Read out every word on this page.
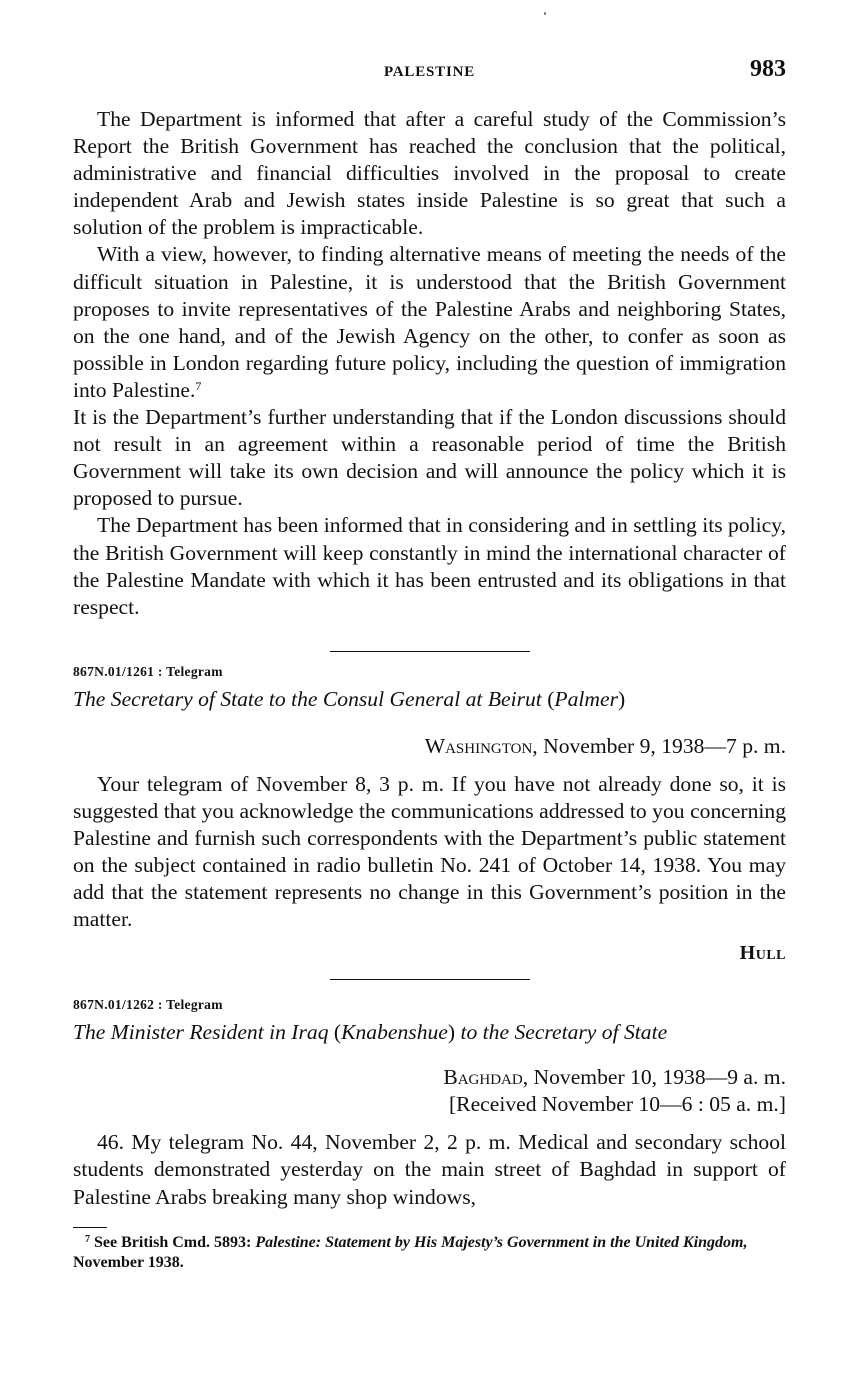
PALESTINE	983

The Department is informed that after a careful study of the Commission’s Report the British Government has reached the conclusion that the political, administrative and financial difficulties involved in the proposal to create independent Arab and Jewish states inside Palestine is so great that such a solution of the problem is impracticable.

With a view, however, to finding alternative means of meeting the needs of the difficult situation in Palestine, it is understood that the British Government proposes to invite representatives of the Palestine Arabs and neighboring States, on the one hand, and of the Jewish Agency on the other, to confer as soon as possible in London regarding future policy, including the question of immigration into Palestine.$^7$

It is the Department’s further understanding that if the London discussions should not result in an agreement within a reasonable period of time the British Government will take its own decision and will announce the policy which it is proposed to pursue.

The Department has been informed that in considering and in settling its policy, the British Government will keep constantly in mind the international character of the Palestine Mandate with which it has been entrusted and its obligations in that respect.

867N.01/1261 : Telegram
The Secretary of State to the Consul General at Beirut (Palmer)
Washington, November 9, 1938—7 p. m.

Your telegram of November 8, 3 p. m. If you have not already done so, it is suggested that you acknowledge the communications addressed to you concerning Palestine and furnish such correspondents with the Department’s public statement on the subject contained in radio bulletin No. 241 of October 14, 1938. You may add that the statement represents no change in this Government’s position in the matter.

Hull
867N.01/1262 : Telegram
The Minister Resident in Iraq (Knabenshue) to the Secretary of State
Baghdad, November 10, 1938—9 a. m.
[Received November 10—6 : 05 a. m.]

46. My telegram No. 44, November 2, 2 p. m. Medical and secondary school students demonstrated yesterday on the main street of Baghdad in support of Palestine Arabs breaking many shop windows,

$^7$ See British Cmd. 5893: Palestine: Statement by His Majesty’s Government in the United Kingdom, November 1938.
